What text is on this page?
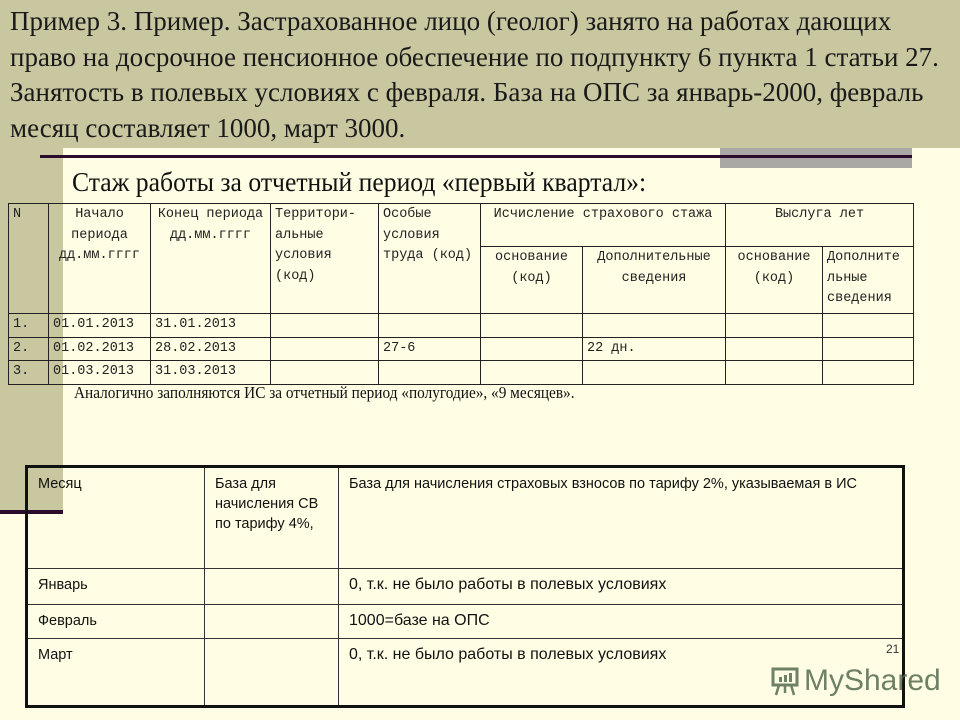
Пример 3. Пример. Застрахованное лицо (геолог) занято на работах дающих право на досрочное пенсионное обеспечение по подпункту 6 пункта 1 статьи 27. Занятость в полевых условиях с февраля. База на ОПС за январь-2000, февраль месяц составляет 1000, март 3000.
Стаж работы за отчетный период «первый квартал»:
N	Начало периода дд.мм.гггг	Конец периода дд.мм.гггг	Территори-альные условия (код)	Особые условия труда (код)	Исчисление страхового стажа		Выслуга лет	
					основание (код)	Дополнительные сведения	основание (код)	Дополните льные сведения
1.	01.01.2013	31.01.2013						
2.	01.02.2013	28.02.2013		27-6		22 дн.		
3.	01.03.2013	31.03.2013						
Аналогично заполняются ИС за отчетный период «полугодие», «9 месяцев».
Месяц	База для начисления СВ по тарифу 4%,	База для начисления страховых взносов по тарифу 2%, указываемая в ИС
Январь		0, т.к. не было работы в полевых условиях
Февраль		1000=базе на ОПС
Март		0, т.к. не было работы в полевых условиях	21
MyShared
